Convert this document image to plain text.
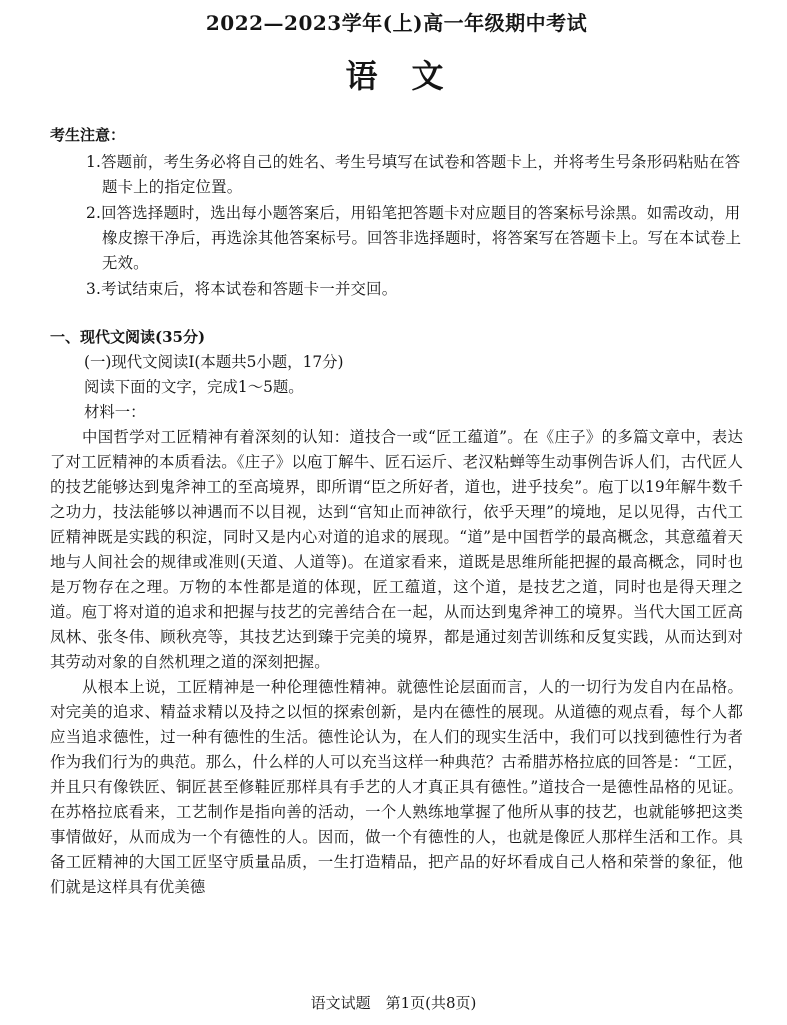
2022—2023学年(上)高一年级期中考试
语文
考生注意：
1.答题前，考生务必将自己的姓名、考生号填写在试卷和答题卡上，并将考生号条形码粘贴在答题卡上的指定位置。
2.回答选择题时，选出每小题答案后，用铅笔把答题卡对应题目的答案标号涂黑。如需改动，用橡皮擦干净后，再选涂其他答案标号。回答非选择题时，将答案写在答题卡上。写在本试卷上无效。
3.考试结束后，将本试卷和答题卡一并交回。
一、现代文阅读(35分)
(一)现代文阅读Ⅰ(本题共5小题，17分)
阅读下面的文字，完成1～5题。
材料一：

中国哲学对工匠精神有着深刻的认知：道技合一或“匠工蕴道”。在《庄子》的多篇文章中，表达了对工匠精神的本质看法。《庄子》以庖丁解牛、匠石运斤、老汉粘蝉等生动事例告诉人们，古代匠人的技艺能够达到鬼斧神工的至高境界，即所谓“臣之所好者，道也，进乎技矣”。庖丁以19年解牛数千之功力，技法能够以神遇而不以目视，达到“官知止而神欲行，依乎天理”的境地，足以见得，古代工匠精神既是实践的积淀，同时又是内心对道的追求的展现。“道”是中国哲学的最高概念，其意蕴着天地与人间社会的规律或准则(天道、人道等)。在道家看来，道既是思维所能把握的最高概念，同时也是万物存在之理。万物的本性都是道的体现，匠工蕴道，这个道，是技艺之道，同时也是得天理之道。庖丁将对道的追求和把握与技艺的完善结合在一起，从而达到鬼斧神工的境界。当代大国工匠高凤林、张冬伟、顾秋亮等，其技艺达到臻于完美的境界，都是通过刻苦训练和反复实践，从而达到对其劳动对象的自然机理之道的深刻把握。

从根本上说，工匠精神是一种伦理德性精神。就德性论层面而言，人的一切行为发自内在品格。对完美的追求、精益求精以及持之以恒的探索创新，是内在德性的展现。从道德的观点看，每个人都应当追求德性，过一种有德性的生活。德性论认为，在人们的现实生活中，我们可以找到德性行为者作为我们行为的典范。那么，什么样的人可以充当这样一种典范？古希腊苏格拉底的回答是：“工匠，并且只有像铁匠、铜匠甚至修鞋匠那样具有手艺的人才真正具有德性。”道技合一是德性品格的见证。在苏格拉底看来，工艺制作是指向善的活动，一个人熟练地掌握了他所从事的技艺，也就能够把这类事情做好，从而成为一个有德性的人。因而，做一个有德性的人，也就是像匠人那样生活和工作。具备工匠精神的大国工匠坚守质量品质，一生打造精品，把产品的好坏看成自己人格和荣誉的象征，他们就是这样具有优美德

语文试题　第1页(共8页)
